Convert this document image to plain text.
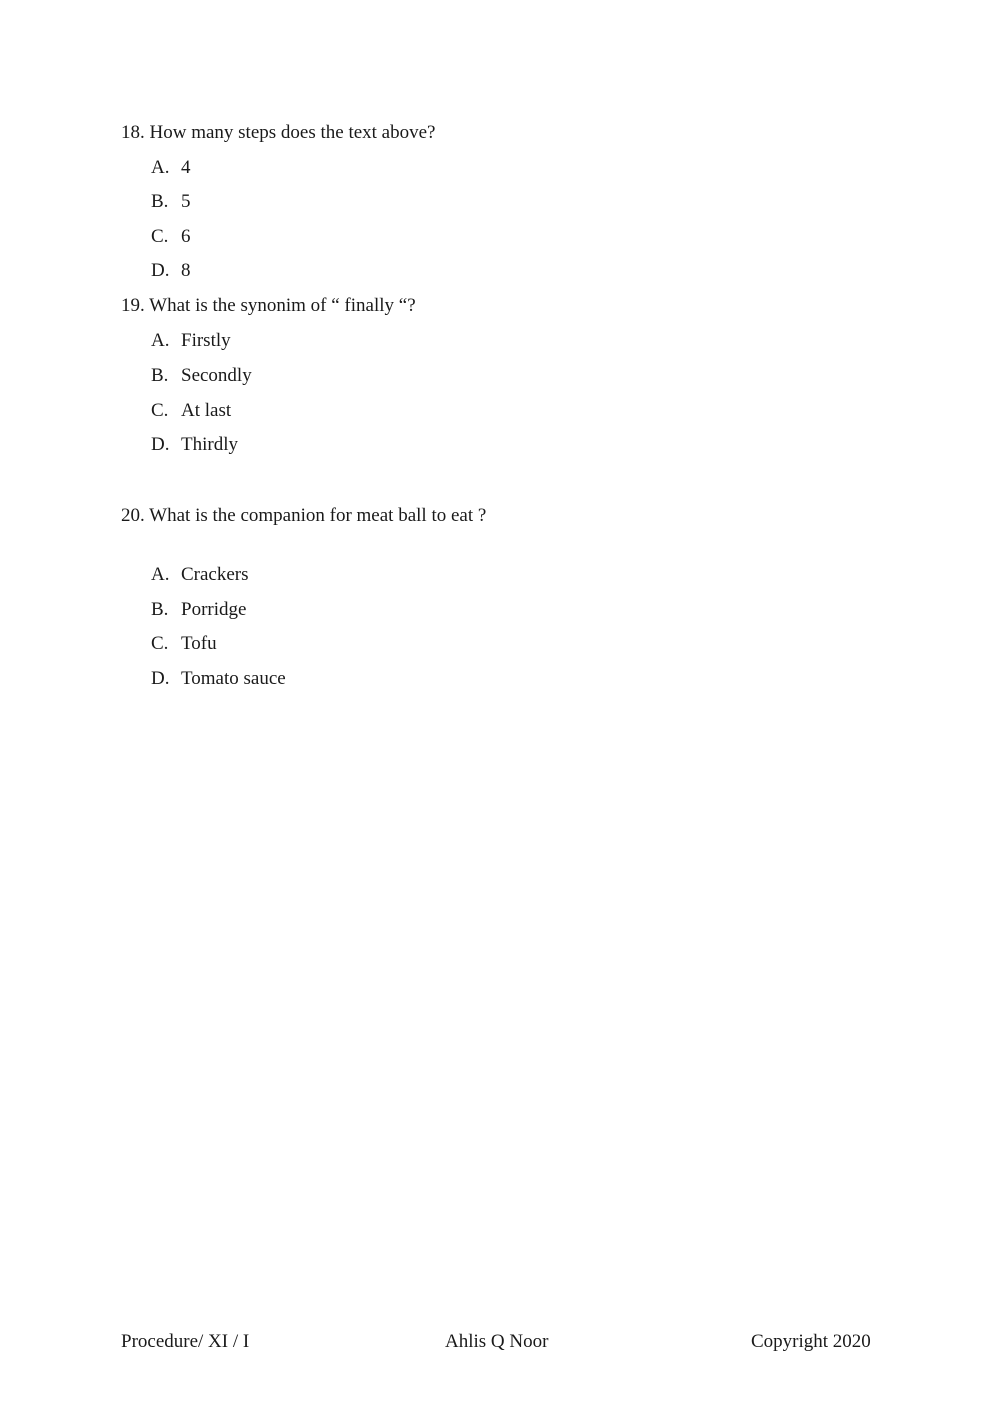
18. How many steps does the text above?
A. 4
B. 5
C. 6
D. 8
19. What is the synonim of “ finally “?
A. Firstly
B. Secondly
C. At last
D. Thirdly
20. What is the companion for meat ball to eat ?
A. Crackers
B. Porridge
C. Tofu
D. Tomato sauce
Procedure/ XI / I	Ahlis Q Noor	Copyright 2020
